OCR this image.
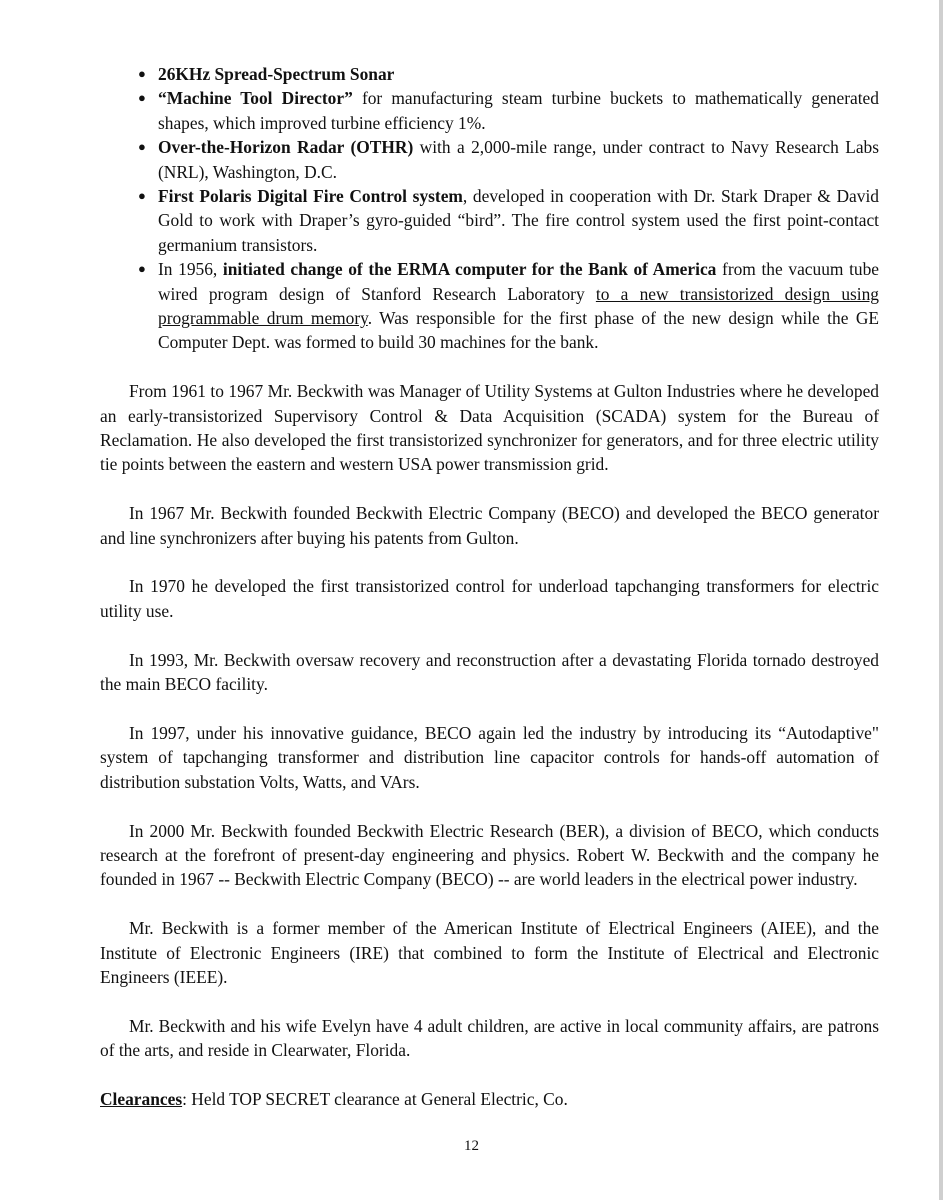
● 26KHz Spread-Spectrum Sonar
● “Machine Tool Director” for manufacturing steam turbine buckets to mathematically generated shapes, which improved turbine efficiency 1%.
● Over-the-Horizon Radar (OTHR) with a 2,000-mile range, under contract to Navy Research Labs (NRL), Washington, D.C.
● First Polaris Digital Fire Control system, developed in cooperation with Dr. Stark Draper & David Gold to work with Draper’s gyro-guided “bird”. The fire control system used the first point-contact germanium transistors.
● In 1956, initiated change of the ERMA computer for the Bank of America from the vacuum tube wired program design of Stanford Research Laboratory to a new transistorized design using programmable drum memory. Was responsible for the first phase of the new design while the GE Computer Dept. was formed to build 30 machines for the bank.

From 1961 to 1967 Mr. Beckwith was Manager of Utility Systems at Gulton Industries where he developed an early-transistorized Supervisory Control & Data Acquisition (SCADA) system for the Bureau of Reclamation. He also developed the first transistorized synchronizer for generators, and for three electric utility tie points between the eastern and western USA power transmission grid.

In 1967 Mr. Beckwith founded Beckwith Electric Company (BECO) and developed the BECO generator and line synchronizers after buying his patents from Gulton.

In 1970 he developed the first transistorized control for underload tapchanging transformers for electric utility use.

In 1993, Mr. Beckwith oversaw recovery and reconstruction after a devastating Florida tornado destroyed the main BECO facility.

In 1997, under his innovative guidance, BECO again led the industry by introducing its “Autodaptive" system of tapchanging transformer and distribution line capacitor controls for hands-off automation of distribution substation Volts, Watts, and VArs.

In 2000 Mr. Beckwith founded Beckwith Electric Research (BER), a division of BECO, which conducts research at the forefront of present-day engineering and physics. Robert W. Beckwith and the company he founded in 1967 -- Beckwith Electric Company (BECO) -- are world leaders in the electrical power industry.

Mr. Beckwith is a former member of the American Institute of Electrical Engineers (AIEE), and the Institute of Electronic Engineers (IRE) that combined to form the Institute of Electrical and Electronic Engineers (IEEE).

Mr. Beckwith and his wife Evelyn have 4 adult children, are active in local community affairs, are patrons of the arts, and reside in Clearwater, Florida.

Clearances: Held TOP SECRET clearance at General Electric, Co.

12
